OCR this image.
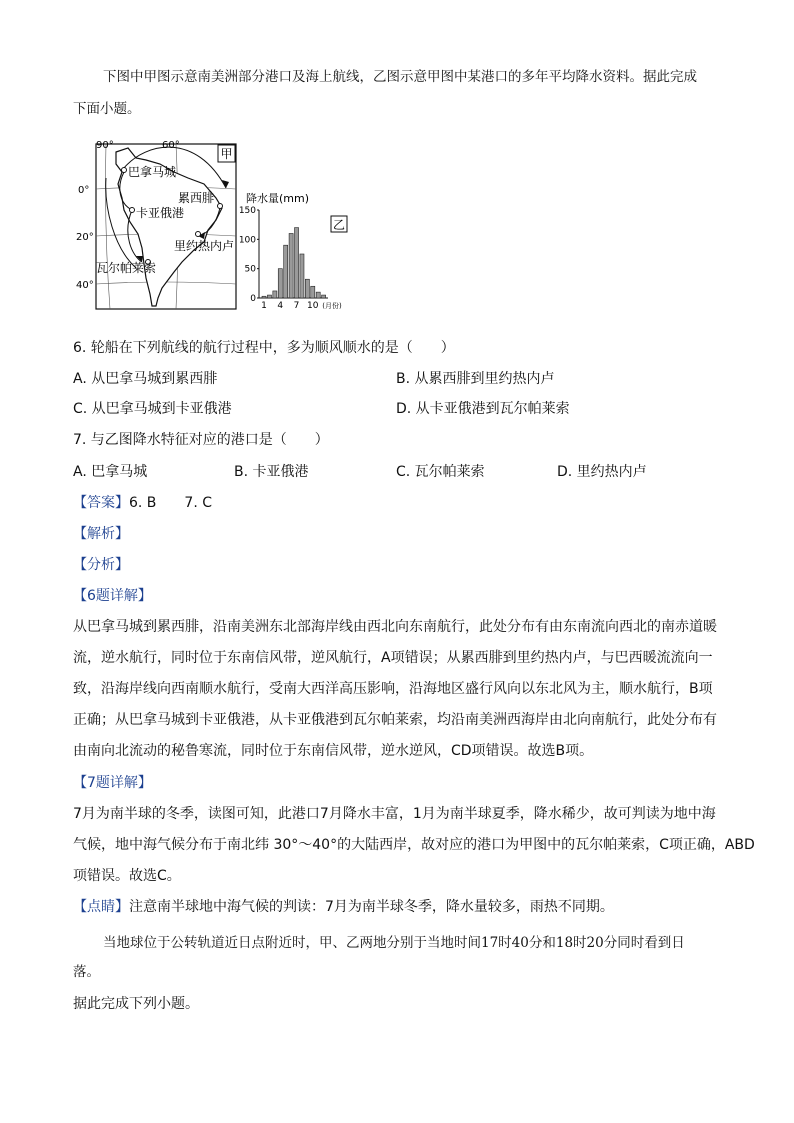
下图中甲图示意南美洲部分港口及海上航线，乙图示意甲图中某港口的多年平均降水资料。据此完成
下面小题。
甲
90°	60°
0°
20°
40°
巴拿马城
累西腓
卡亚俄港
里约热内卢
瓦尔帕莱索
降水量(mm)
乙
0
50
100
150
1 4 7 10 (月份)
6. 轮船在下列航线的航行过程中，多为顺风顺水的是（　　）
A. 从巴拿马城到累西腓	B. 从累西腓到里约热内卢
C. 从巴拿马城到卡亚俄港	D. 从卡亚俄港到瓦尔帕莱索
7. 与乙图降水特征对应的港口是（　　）
A. 巴拿马城	B. 卡亚俄港	C. 瓦尔帕莱索	D. 里约热内卢
【答案】6. B　　7. C
【解析】
【分析】
【6题详解】
从巴拿马城到累西腓，沿南美洲东北部海岸线由西北向东南航行，此处分布有由东南流向西北的南赤道暖
流，逆水航行，同时位于东南信风带，逆风航行，A项错误；从累西腓到里约热内卢，与巴西暖流流向一
致，沿海岸线向西南顺水航行，受南大西洋高压影响，沿海地区盛行风向以东北风为主，顺水航行，B项
正确；从巴拿马城到卡亚俄港，从卡亚俄港到瓦尔帕莱索，均沿南美洲西海岸由北向南航行，此处分布有
由南向北流动的秘鲁寒流，同时位于东南信风带，逆水逆风，CD项错误。故选B项。
【7题详解】
7月为南半球的冬季，读图可知，此港口7月降水丰富，1月为南半球夏季，降水稀少，故可判读为地中海
气候，地中海气候分布于南北纬 30°～40°的大陆西岸，故对应的港口为甲图中的瓦尔帕莱索，C项正确，ABD
项错误。故选C。
【点睛】注意南半球地中海气候的判读：7月为南半球冬季，降水量较多，雨热不同期。
当地球位于公转轨道近日点附近时，甲、乙两地分别于当地时间17时40分和18时20分同时看到日
落。
据此完成下列小题。
